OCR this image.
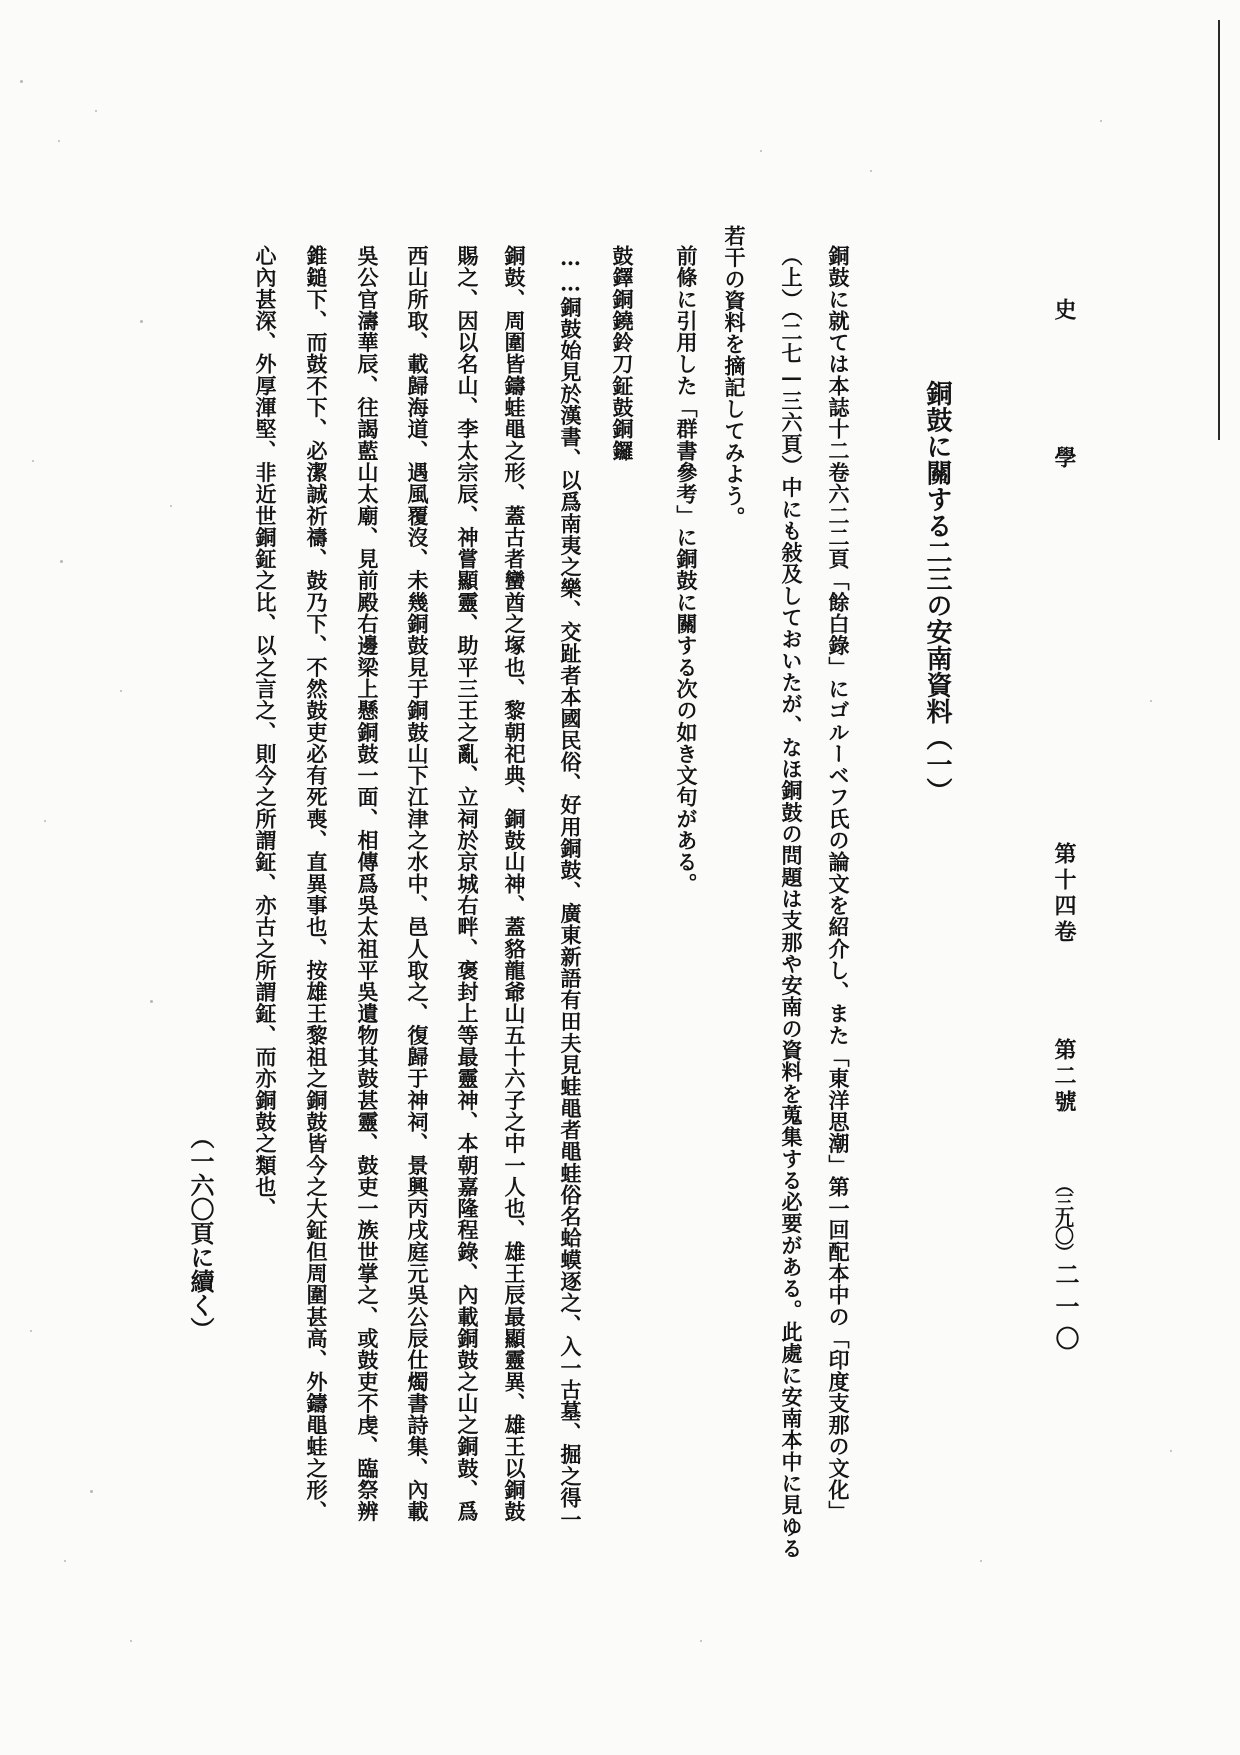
史　學
第十四卷
第二號
（三九〇）
二一〇
銅鼓に關する二三の安南資料（一）
銅鼓に就ては本誌十二卷六二二頁「餘白錄」にゴルーベフ氏の論文を紹介し、また「東洋思潮」第一回配本中の「印度支那の文化」
（上）（二七—三六頁）中にも敍及しておいたが、なほ銅鼓の問題は支那や安南の資料を蒐集する必要がある。此處に安南本中に見ゆる
若干の資料を摘記してみよう。
前條に引用した「群書參考」に銅鼓に關する次の如き文句がある。
鼓鐸銅鐃鈴刀鉦鼓銅鑼
……銅鼓始見於漢書、以爲南夷之樂、交趾者本國民俗、好用銅鼓、廣東新語有田夫見蛙黽者黽蛙俗名蛤蟆逐之、入一古墓、掘之得一
銅鼓、周圍皆鑄蛙黽之形、蓋古者蠻酋之塚也、黎朝祀典、銅鼓山神、蓋貉龍爺山五十六子之中一人也、雄王辰最顯靈異、雄王以銅鼓
賜之、因以名山、李太宗辰、神嘗顯靈、助平三王之亂、立祠於京城右畔、褒封上等最靈神、本朝嘉隆程錄、內載銅鼓之山之銅鼓、爲
西山所取、載歸海道、遇風覆沒、未幾銅鼓見于銅鼓山下江津之水中、邑人取之、復歸于神祠、景興丙戌庭元吳公辰仕燭書詩集、內載
吳公官濤華辰、往謁藍山太廟、見前殿右邊梁上懸銅鼓一面、相傳爲吳太祖平吳遺物其鼓甚靈、鼓吏一族世掌之、或鼓吏不虔、臨祭辨
錐鎚下、而鼓不下、必潔誠祈禱、鼓乃下、不然鼓吏必有死喪、直異事也、按雄王黎祖之銅鼓皆今之大鉦但周圍甚高、外鑄黽蛙之形、
心內甚深、外厚渾堅、非近世銅鉦之比、以之言之、則今之所謂鉦、亦古之所謂鉦、而亦銅鼓之類也、
（一六〇頁に續く）
